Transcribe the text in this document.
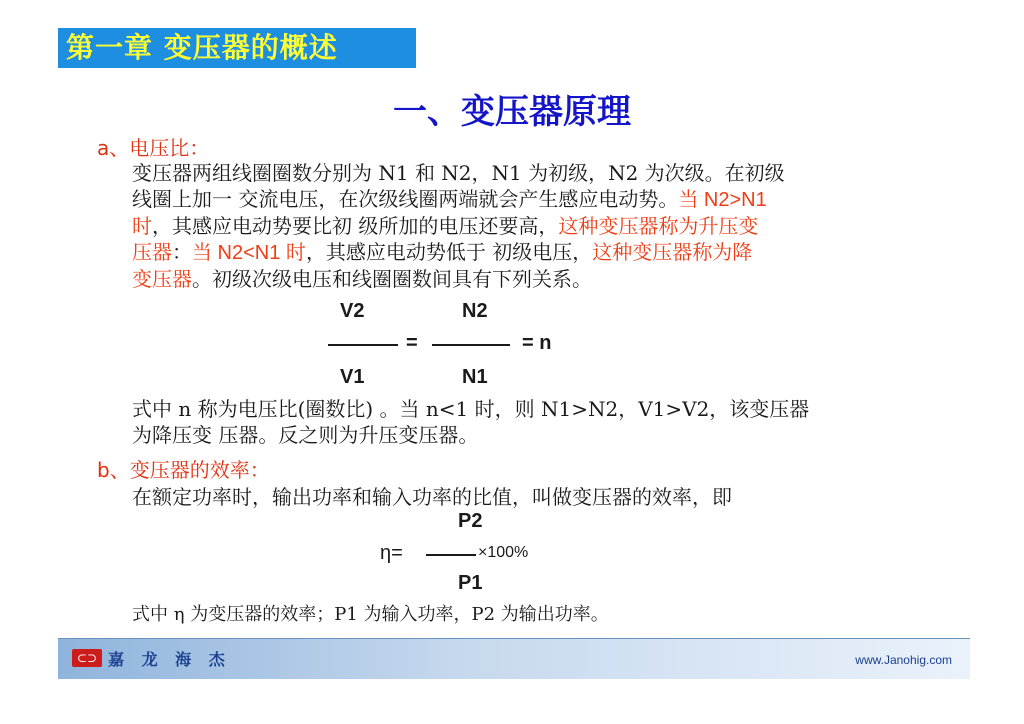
第一章 变压器的概述
一、变压器原理
a、电压比：
变压器两组线圈圈数分别为 N1 和 N2，N1 为初级，N2 为次级。在初级
线圈上加一 交流电压，在次级线圈两端就会产生感应电动势。当 N2>N1
时，其感应电动势要比初 级所加的电压还要高，这种变压器称为升压变
压器：当 N2<N1 时，其感应电动势低于 初级电压，这种变压器称为降
变压器。初级次级电压和线圈圈数间具有下列关系。
V2
=
N2
= n
V1	N1
式中 n 称为电压比(圈数比) 。当 n<1 时，则 N1>N2，V1>V2，该变压器
为降压变 压器。反之则为升压变压器。
b、变压器的效率：
在额定功率时，输出功率和输入功率的比值，叫做变压器的效率，即
P2
η=	×100%
P1
式中 η 为变压器的效率；P1 为输入功率，P2 为输出功率。
⊂⊃ 嘉 龙 海 杰	www.Janohig.com
